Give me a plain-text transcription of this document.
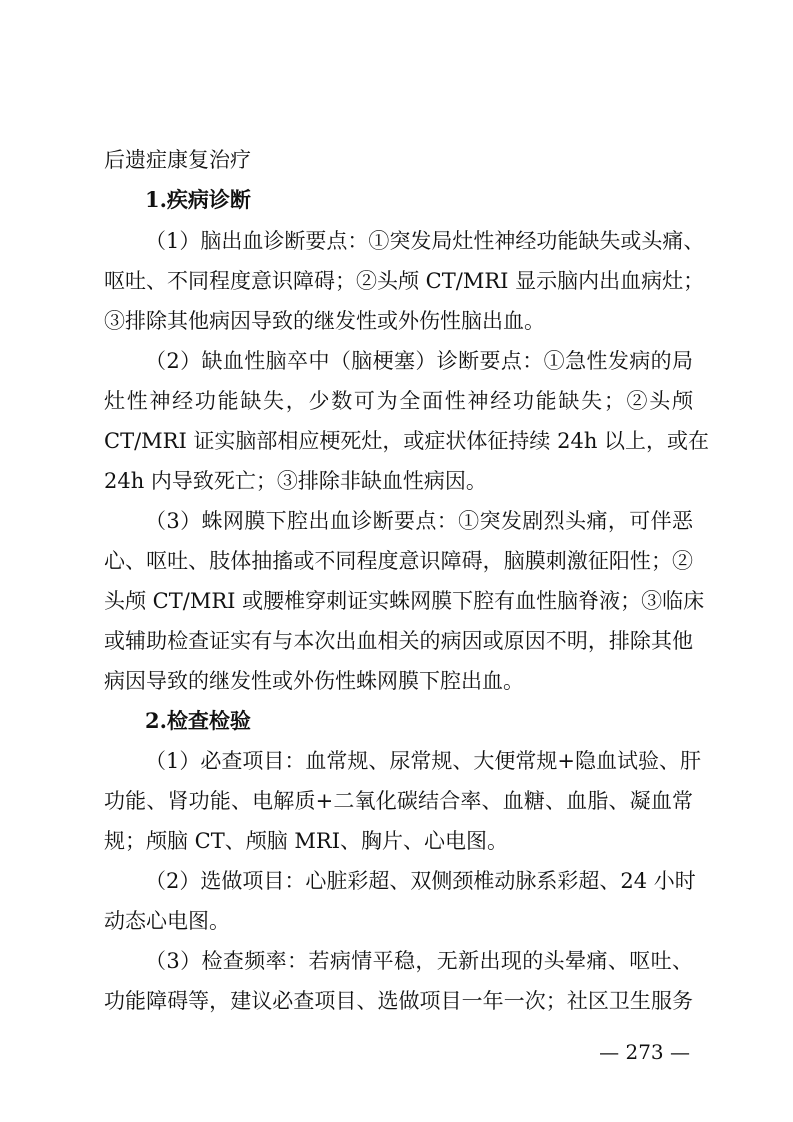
后遗症康复治疗
1.疾病诊断
（1）脑出血诊断要点：①突发局灶性神经功能缺失或头痛、
呕吐、不同程度意识障碍；②头颅 CT/MRI 显示脑内出血病灶；
③排除其他病因导致的继发性或外伤性脑出血。
（2）缺血性脑卒中（脑梗塞）诊断要点：①急性发病的局
灶性神经功能缺失，少数可为全面性神经功能缺失；②头颅
CT/MRI 证实脑部相应梗死灶，或症状体征持续 24h 以上，或在
24h 内导致死亡；③排除非缺血性病因。
（3）蛛网膜下腔出血诊断要点：①突发剧烈头痛，可伴恶
心、呕吐、肢体抽搐或不同程度意识障碍，脑膜刺激征阳性；②
头颅 CT/MRI 或腰椎穿刺证实蛛网膜下腔有血性脑脊液；③临床
或辅助检查证实有与本次出血相关的病因或原因不明，排除其他
病因导致的继发性或外伤性蛛网膜下腔出血。
2.检查检验
（1）必查项目：血常规、尿常规、大便常规+隐血试验、肝
功能、肾功能、电解质+二氧化碳结合率、血糖、血脂、凝血常
规；颅脑 CT、颅脑 MRI、胸片、心电图。
（2）选做项目：心脏彩超、双侧颈椎动脉系彩超、24 小时
动态心电图。
（3）检查频率：若病情平稳，无新出现的头晕痛、呕吐、
功能障碍等，建议必查项目、选做项目一年一次；社区卫生服务
— 273 —
